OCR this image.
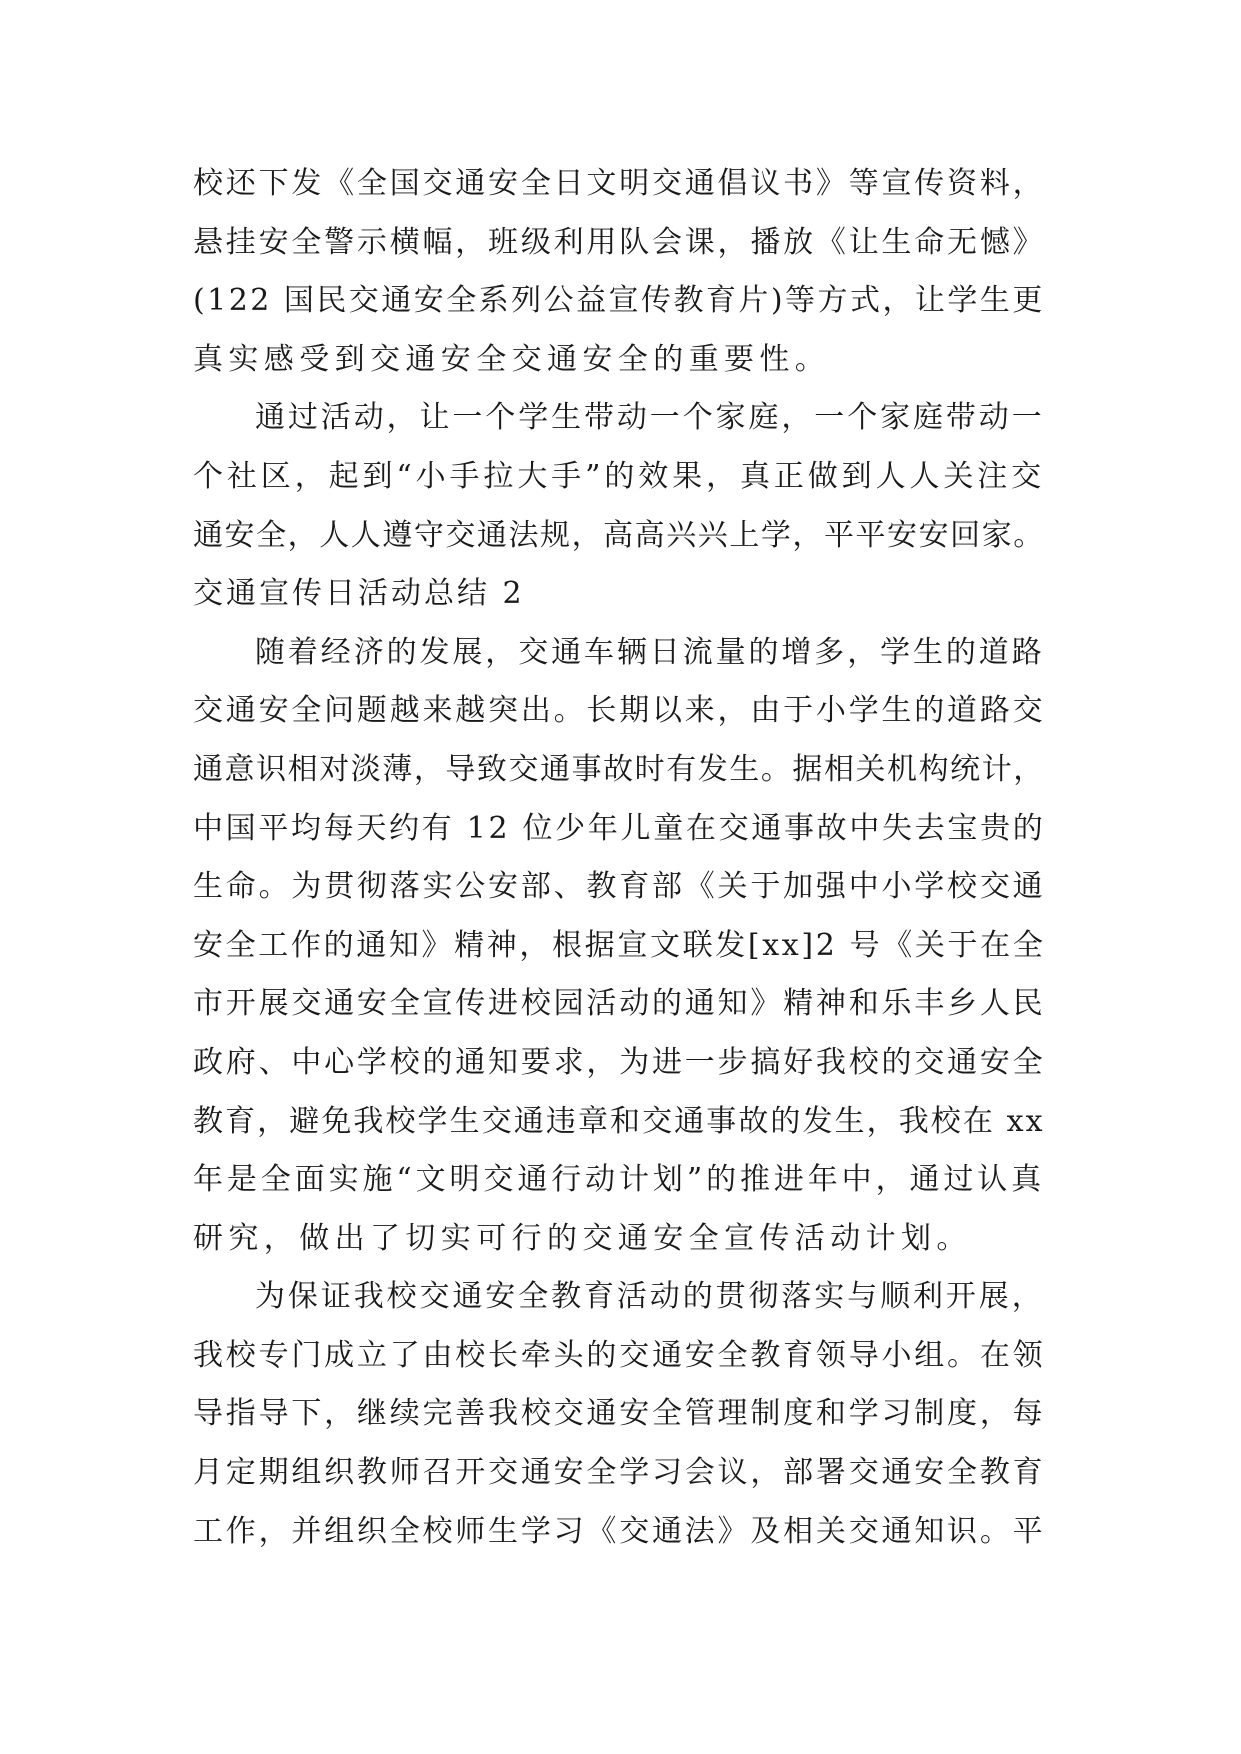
校还下发《全国交通安全日文明交通倡议书》等宣传资料，
悬挂安全警示横幅，班级利用队会课，播放《让生命无憾》
(122 国民交通安全系列公益宣传教育片)等方式，让学生更
真实感受到交通安全交通安全的重要性。

通过活动，让一个学生带动一个家庭，一个家庭带动一
个社区，起到“小手拉大手”的效果，真正做到人人关注交
通安全，人人遵守交通法规，高高兴兴上学，平平安安回家。

交通宣传日活动总结 2

随着经济的发展，交通车辆日流量的增多，学生的道路
交通安全问题越来越突出。长期以来，由于小学生的道路交
通意识相对淡薄，导致交通事故时有发生。据相关机构统计，
中国平均每天约有 12 位少年儿童在交通事故中失去宝贵的
生命。为贯彻落实公安部、教育部《关于加强中小学校交通
安全工作的通知》精神，根据宣文联发[xx]2 号《关于在全
市开展交通安全宣传进校园活动的通知》精神和乐丰乡人民
政府、中心学校的通知要求，为进一步搞好我校的交通安全
教育，避免我校学生交通违章和交通事故的发生，我校在 xx
年是全面实施“文明交通行动计划”的推进年中，通过认真
研究，做出了切实可行的交通安全宣传活动计划。

为保证我校交通安全教育活动的贯彻落实与顺利开展，
我校专门成立了由校长牵头的交通安全教育领导小组。在领
导指导下，继续完善我校交通安全管理制度和学习制度，每
月定期组织教师召开交通安全学习会议，部署交通安全教育
工作，并组织全校师生学习《交通法》及相关交通知识。平
